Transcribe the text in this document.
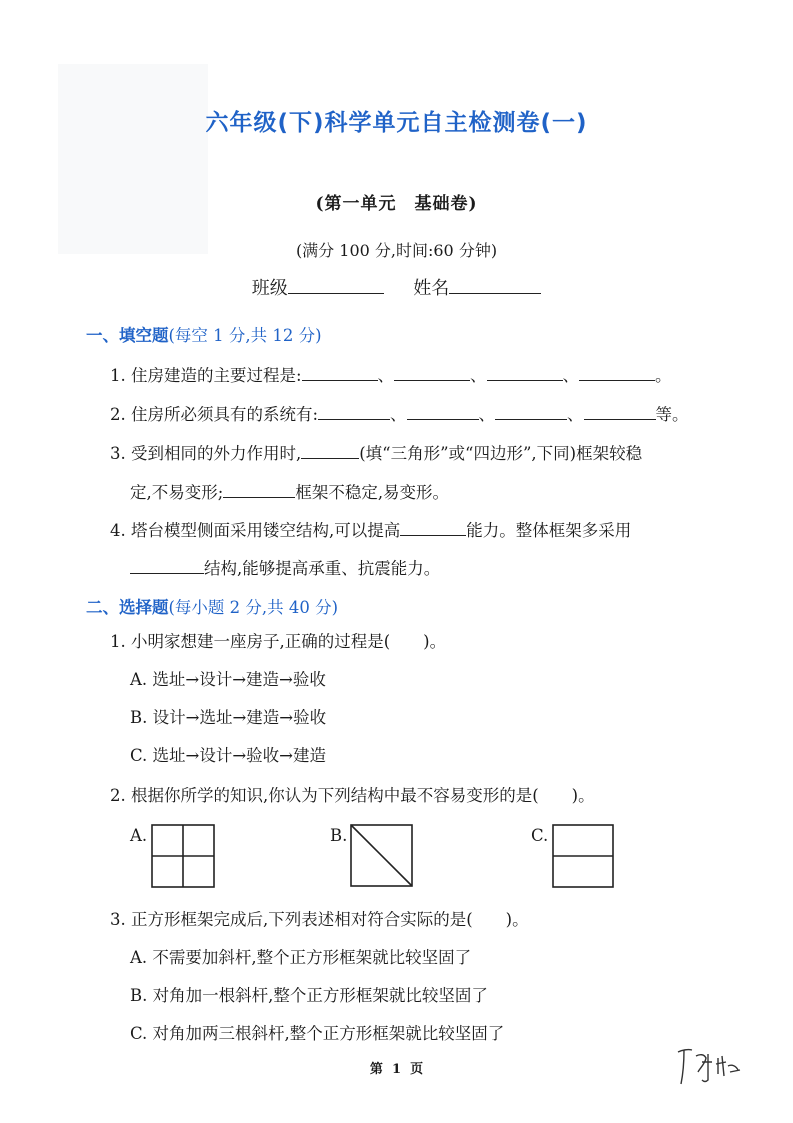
六年级(下)科学单元自主检测卷(一)
(第一单元　基础卷)
(满分 100 分,时间:60 分钟)
班级	姓名
一、填空题(每空 1 分,共 12 分)
1. 住房建造的主要过程是:	、	、	、	。
2. 住房所必须具有的系统有:	、	、	、	等。
3. 受到相同的外力作用时,	(填“三角形”或“四边形”,下同)框架较稳
定,不易变形;	框架不稳定,易变形。
4. 塔台模型侧面采用镂空结构,可以提高	能力。整体框架多采用
结构,能够提高承重、抗震能力。
二、选择题(每小题 2 分,共 40 分)
1. 小明家想建一座房子,正确的过程是(　　)。
A. 选址→设计→建造→验收
B. 设计→选址→建造→验收
C. 选址→设计→验收→建造
2. 根据你所学的知识,你认为下列结构中最不容易变形的是(　　)。
A.	B.	C.
3. 正方形框架完成后,下列表述相对符合实际的是(　　)。
A. 不需要加斜杆,整个正方形框架就比较坚固了
B. 对角加一根斜杆,整个正方形框架就比较坚固了
C. 对角加两三根斜杆,整个正方形框架就比较坚固了
第 1 页
